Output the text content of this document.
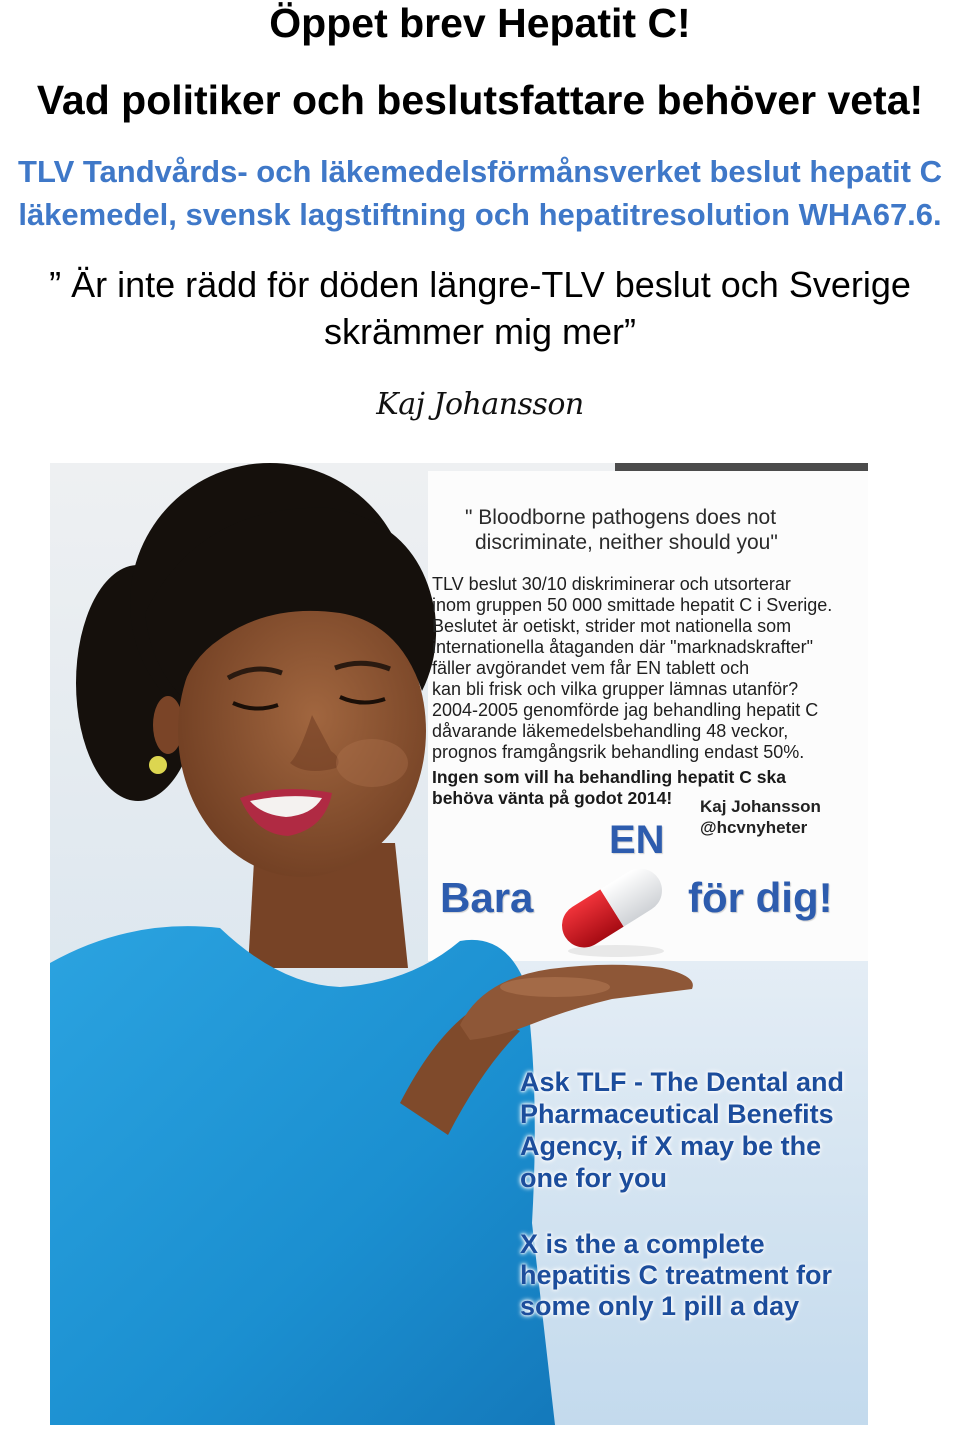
Öppet brev Hepatit C!
Vad politiker och beslutsfattare behöver veta!
TLV Tandvårds- och läkemedelsförmånsverket beslut hepatit C
läkemedel, svensk lagstiftning och hepatitresolution WHA67.6.
” Är inte rädd för döden längre-TLV beslut och Sverige
skrämmer mig mer”
Kaj Johansson
" Bloodborne pathogens does not
discriminate, neither should you"
TLV beslut 30/10 diskriminerar och utsorterar
inom gruppen 50 000 smittade hepatit C i Sverige.
Beslutet är oetiskt, strider mot nationella som
internationella åtaganden där "marknadskrafter"
fäller avgörandet vem får EN tablett och
kan bli frisk och vilka grupper lämnas utanför?
2004-2005 genomförde jag behandling hepatit C
dåvarande läkemedelsbehandling 48 veckor,
prognos framgångsrik behandling endast 50%.
Ingen som vill ha behandling hepatit C ska
behöva vänta på godot 2014!	Kaj Johansson
@hcvnyheter
EN
Bara	för dig!
Ask TLF - The Dental and
Pharmaceutical Benefits
Agency, if X may be the
one for you
X is the a complete
hepatitis C treatment for
some only 1 pill a day
